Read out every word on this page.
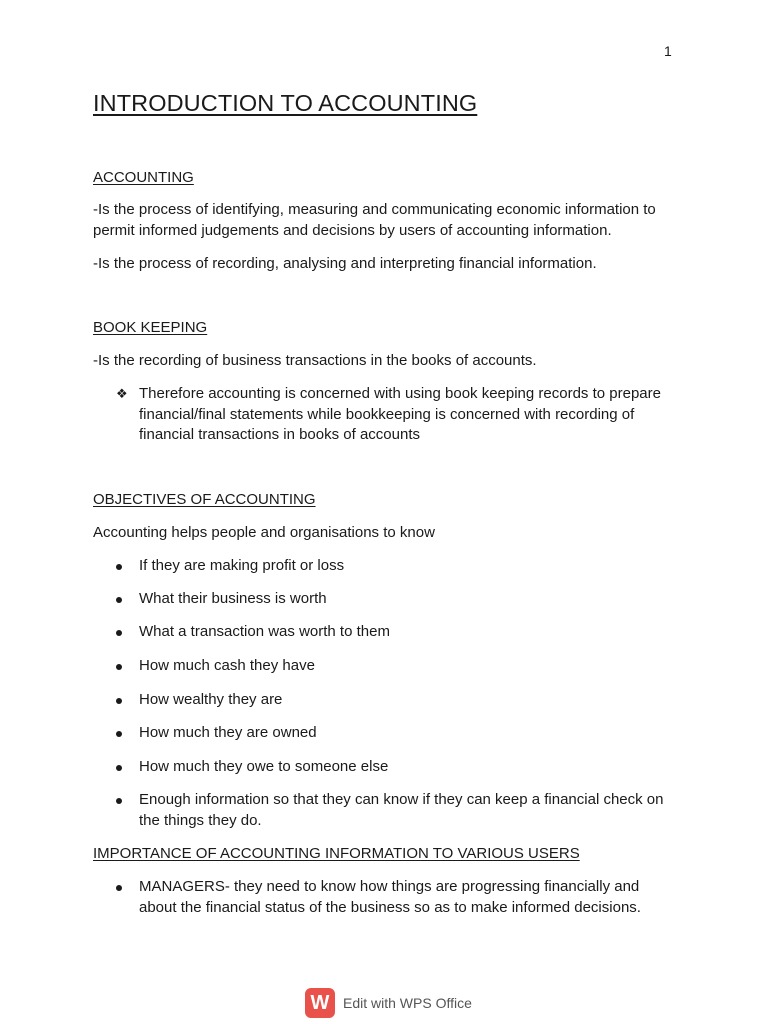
1
INTRODUCTION TO ACCOUNTING
ACCOUNTING
-Is the process of identifying, measuring and communicating economic information to permit informed judgements and decisions by users of accounting information.
-Is the process of recording, analysing and interpreting financial information.
BOOK KEEPING
-Is the recording of business transactions in the books of accounts.
❖ Therefore accounting is concerned with using book keeping records to prepare financial/final statements while bookkeeping is concerned with recording of financial transactions in books of accounts
OBJECTIVES OF ACCOUNTING
Accounting helps people and organisations to know
If they are making profit or loss
What their business is worth
What a transaction was worth to them
How much cash they have
How wealthy they are
How much they are owned
How much they owe to someone else
Enough information so that they can know if they can keep a financial check on the things they do.
IMPORTANCE OF ACCOUNTING INFORMATION TO VARIOUS USERS
MANAGERS- they need to know how things are progressing financially and about the financial status of the business so as to make informed decisions.
W Edit with WPS Office
